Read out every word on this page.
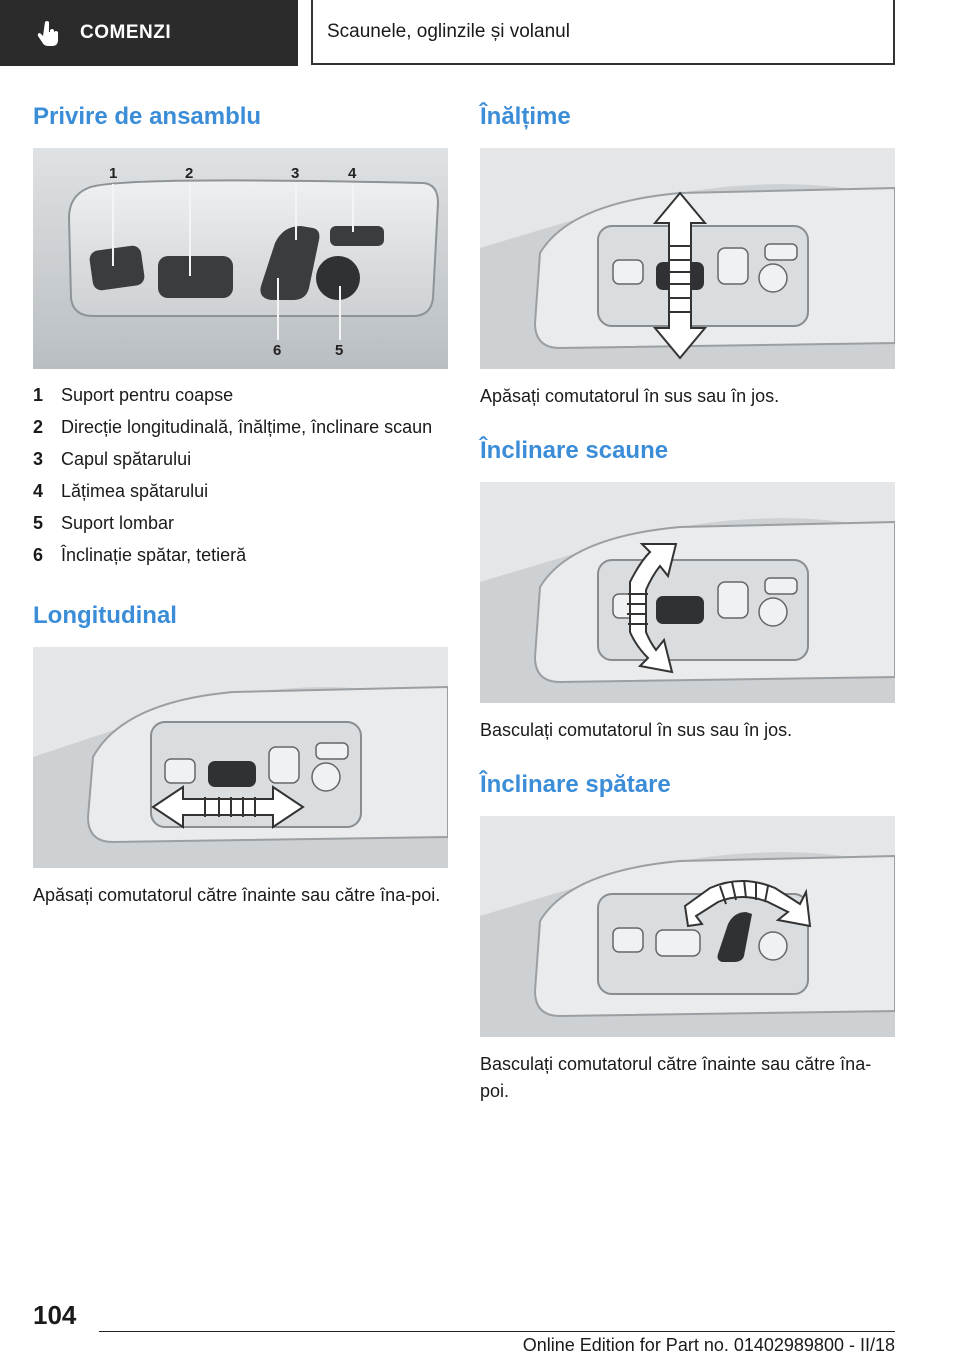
COMENZI	Scaunele, oglinzile și volanul
Privire de ansamblu
1	2	3	4
6	5
1 Suport pentru coapse
2 Direcție longitudinală, înălțime, înclinare scaun
3 Capul spătarului
4 Lățimea spătarului
5 Suport lombar
6 Înclinație spătar, tetieră
Longitudinal

Apăsați comutatorul către înainte sau către îna-poi.

Înălțime

Apăsați comutatorul în sus sau în jos.

Înclinare scaune

Basculați comutatorul în sus sau în jos.

Înclinare spătare

Basculați comutatorul către înainte sau către îna-poi.

104
Online Edition for Part no. 01402989800 - II/18
